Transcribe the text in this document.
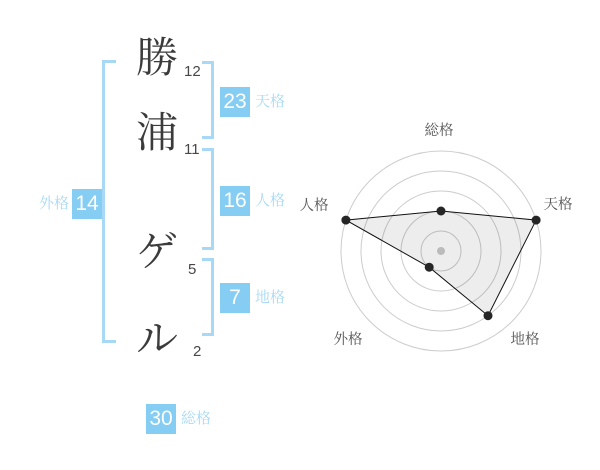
勝
浦
ゲ
ル
12
11
5
2
23 天格
16 人格
7 地格
外格 14
30 総格
総格
天格
地格
外格
人格
